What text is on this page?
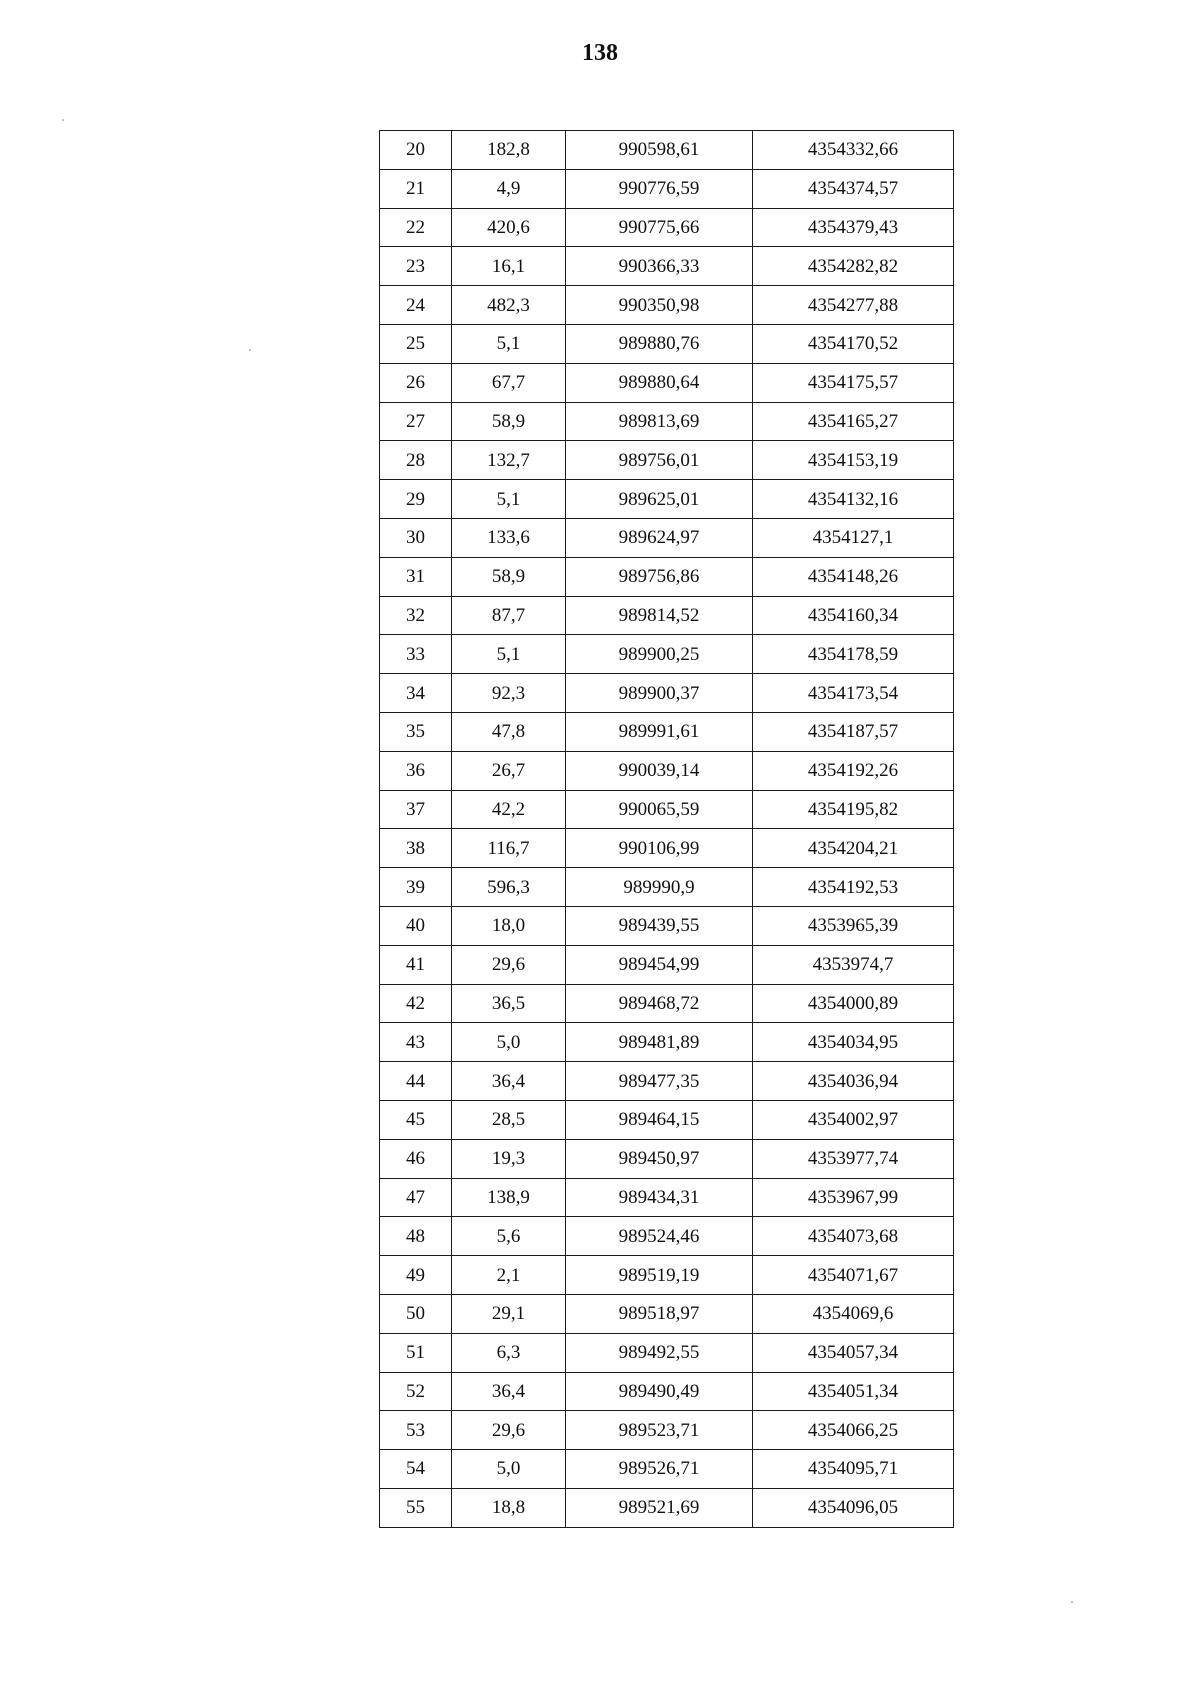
138
20	182,8	990598,61	4354332,66
21	4,9	990776,59	4354374,57
22	420,6	990775,66	4354379,43
23	16,1	990366,33	4354282,82
24	482,3	990350,98	4354277,88
25	5,1	989880,76	4354170,52
26	67,7	989880,64	4354175,57
27	58,9	989813,69	4354165,27
28	132,7	989756,01	4354153,19
29	5,1	989625,01	4354132,16
30	133,6	989624,97	4354127,1
31	58,9	989756,86	4354148,26
32	87,7	989814,52	4354160,34
33	5,1	989900,25	4354178,59
34	92,3	989900,37	4354173,54
35	47,8	989991,61	4354187,57
36	26,7	990039,14	4354192,26
37	42,2	990065,59	4354195,82
38	116,7	990106,99	4354204,21
39	596,3	989990,9	4354192,53
40	18,0	989439,55	4353965,39
41	29,6	989454,99	4353974,7
42	36,5	989468,72	4354000,89
43	5,0	989481,89	4354034,95
44	36,4	989477,35	4354036,94
45	28,5	989464,15	4354002,97
46	19,3	989450,97	4353977,74
47	138,9	989434,31	4353967,99
48	5,6	989524,46	4354073,68
49	2,1	989519,19	4354071,67
50	29,1	989518,97	4354069,6
51	6,3	989492,55	4354057,34
52	36,4	989490,49	4354051,34
53	29,6	989523,71	4354066,25
54	5,0	989526,71	4354095,71
55	18,8	989521,69	4354096,05
